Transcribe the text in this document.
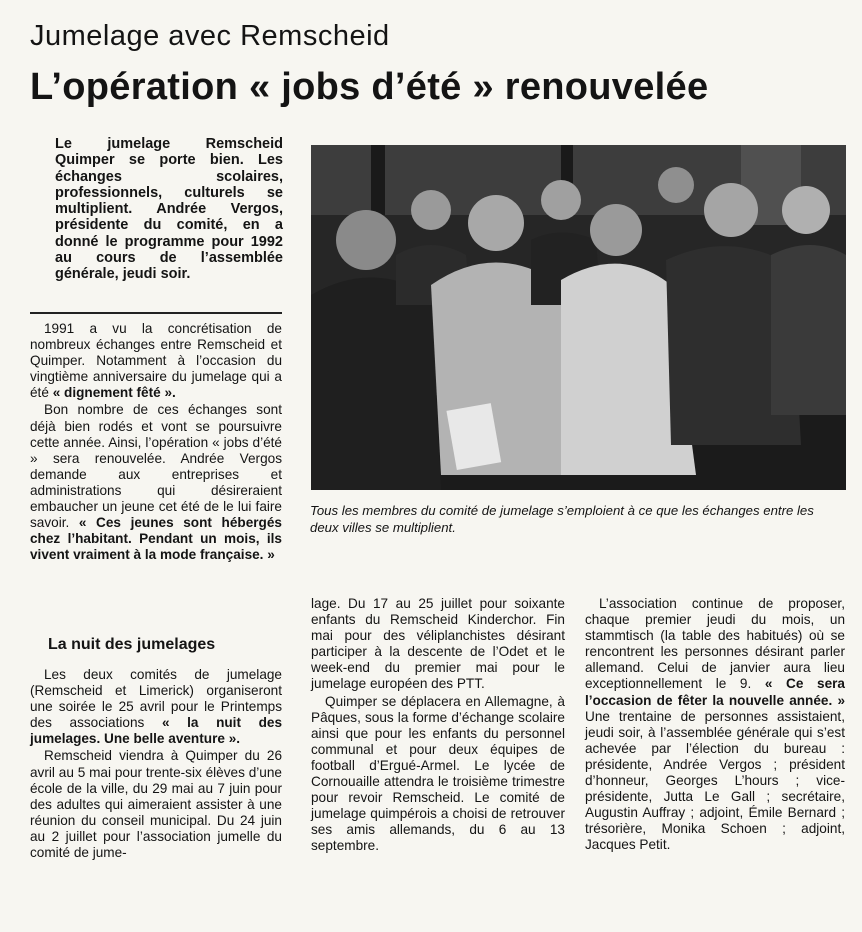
Jumelage avec Remscheid
L’opération « jobs d’été » renouvelée
Le jumelage Remscheid Quimper se porte bien. Les échanges scolaires, professionnels, culturels se multiplient. Andrée Vergos, présidente du comité, en a donné le programme pour 1992 au cours de l’assemblée générale, jeudi soir.

1991 a vu la concrétisation de nombreux échanges entre Remscheid et Quimper. Notamment à l’occasion du vingtième anniversaire du jumelage qui a été « dignement fêté ».

Bon nombre de ces échanges sont déjà bien rodés et vont se poursuivre cette année. Ainsi, l’opération « jobs d’été » sera renouvelée. Andrée Vergos demande aux entreprises et administrations qui désireraient embaucher un jeune cet été de le lui faire savoir. « Ces jeunes sont hébergés chez l’habitant. Pendant un mois, ils vivent vraiment à la mode française. »

La nuit des jumelages

Les deux comités de jumelage (Remscheid et Limerick) organiseront une soirée le 25 avril pour le Printemps des associations « la nuit des jumelages. Une belle aventure ».

Remscheid viendra à Quimper du 26 avril au 5 mai pour trente-six élèves d’une école de la ville, du 29 mai au 7 juin pour des adultes qui aimeraient assister à une réunion du conseil municipal. Du 24 juin au 2 juillet pour l’association jumelle du comité de jume-

Tous les membres du comité de jumelage s’emploient à ce que les échanges entre les deux villes se multiplient.

lage. Du 17 au 25 juillet pour soixante enfants du Remscheid Kinderchor. Fin mai pour des véliplanchistes désirant participer à la descente de l’Odet et le week-end du premier mai pour le jumelage européen des PTT.

Quimper se déplacera en Allemagne, à Pâques, sous la forme d’échange scolaire ainsi que pour les enfants du personnel communal et pour deux équipes de football d’Ergué-Armel. Le lycée de Cornouaille attendra le troisième trimestre pour revoir Remscheid. Le comité de jumelage quimpérois a choisi de retrouver ses amis allemands, du 6 au 13 septembre.

L’association continue de proposer, chaque premier jeudi du mois, un stammtisch (la table des habitués) où se rencontrent les personnes désirant parler allemand. Celui de janvier aura lieu exceptionnellement le 9. « Ce sera l’occasion de fêter la nouvelle année. » Une trentaine de personnes assistaient, jeudi soir, à l’assemblée générale qui s’est achevée par l’élection du bureau : présidente, Andrée Vergos ; président d’honneur, Georges L’hours ; vice-présidente, Jutta Le Gall ; secrétaire, Augustin Auffray ; adjoint, Émile Bernard ; trésorière, Monika Schoen ; adjoint, Jacques Petit.
